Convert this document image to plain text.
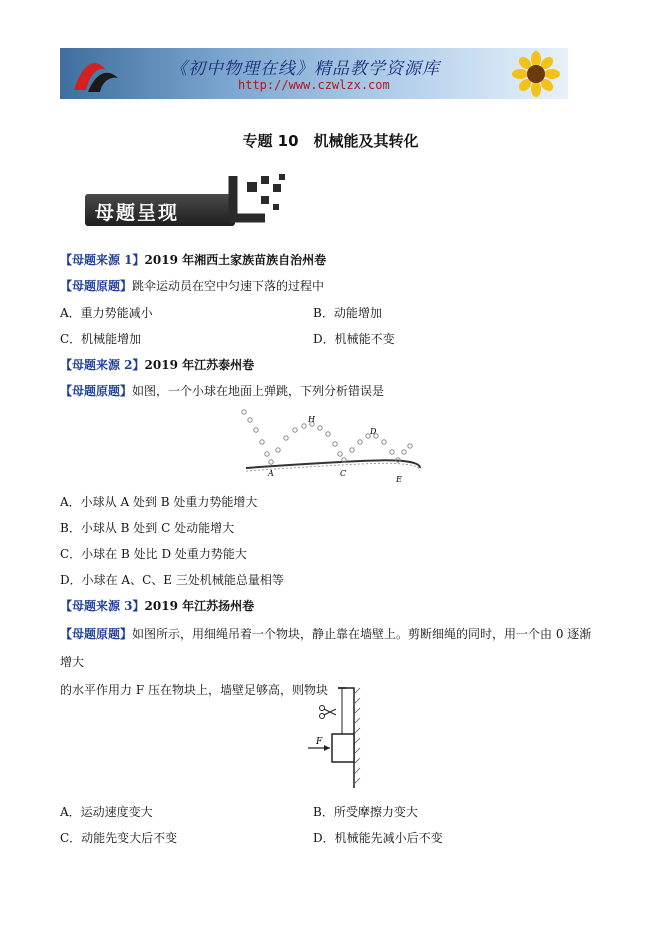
《初中物理在线》精品教学资源库
http://www.czwlzx.com
专题 10　机械能及其转化
母题呈现
【母题来源 1】2019 年湘西土家族苗族自治州卷
【母题原题】跳伞运动员在空中匀速下落的过程中
A．重力势能减小	B．动能增加
C．机械能增加	D．机械能不变
【母题来源 2】2019 年江苏泰州卷
【母题原题】如图，一个小球在地面上弹跳，下列分析错误是
H
D
A	C
E
A．小球从 A 处到 B 处重力势能增大
B．小球从 B 处到 C 处动能增大
C．小球在 B 处比 D 处重力势能大
D．小球在 A、C、E 三处机械能总量相等
【母题来源 3】2019 年江苏扬州卷
【母题原题】如图所示，用细绳吊着一个物块，静止靠在墙壁上。剪断细绳的同时，用一个由 0 逐渐增大
的水平作用力 F 压在物块上，墙壁足够高，则物块
F
A．运动速度变大	B．所受摩擦力变大
C．动能先变大后不变	D．机械能先减小后不变
